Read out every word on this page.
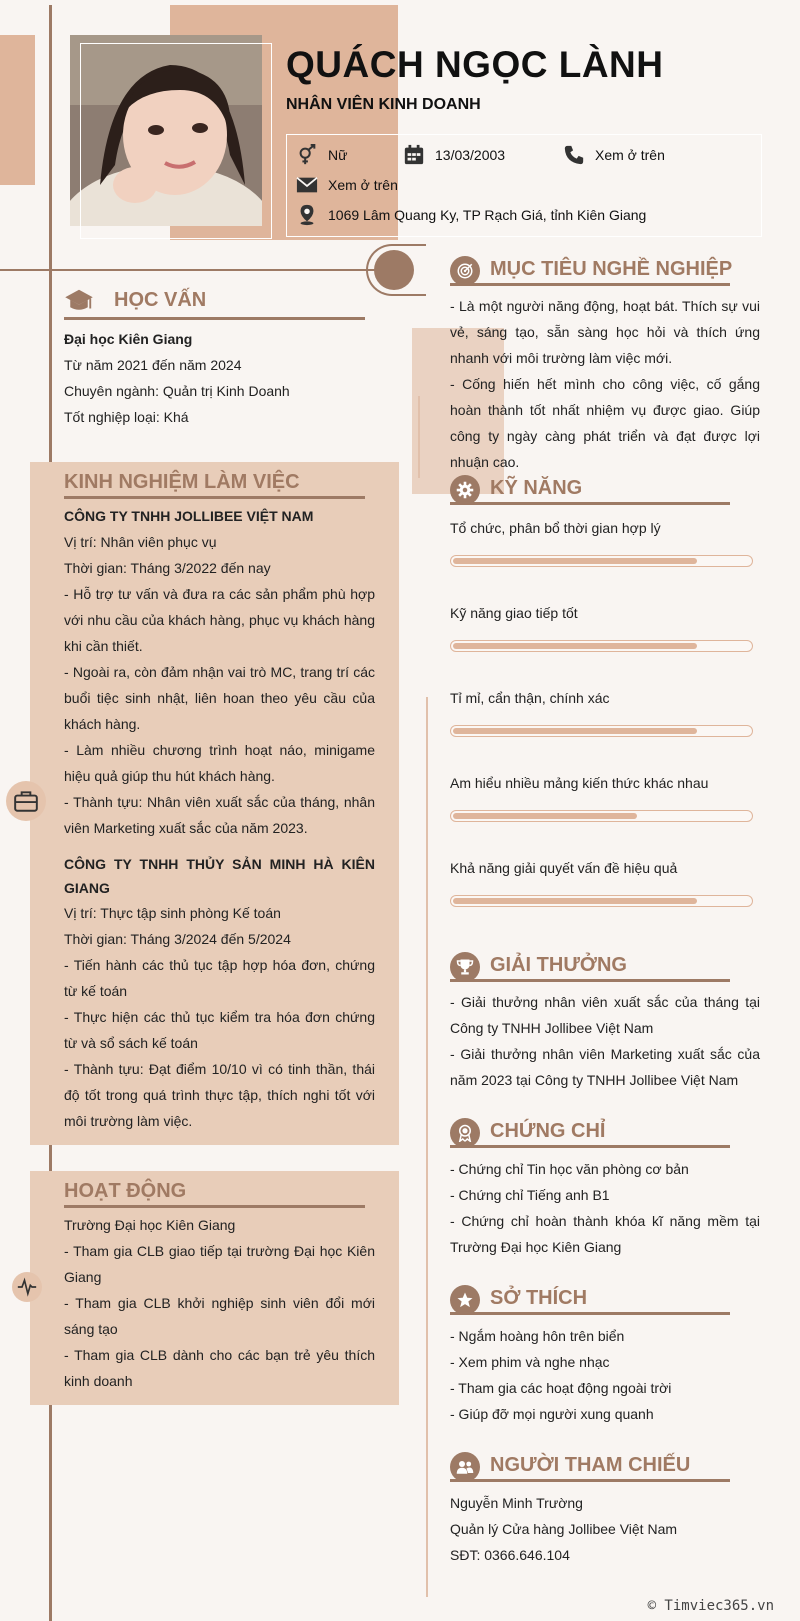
QUÁCH NGỌC LÀNH
NHÂN VIÊN KINH DOANH
Nữ	13/03/2003	Xem ở trên
Xem ở trên
1069 Lâm Quang Ky, TP Rạch Giá, tỉnh Kiên Giang
HỌC VẤN

Đại học Kiên Giang

Từ năm 2021 đến năm 2024

Chuyên ngành: Quản trị Kinh Doanh

Tốt nghiệp loại: Khá

KINH NGHIỆM LÀM VIỆC

CÔNG TY TNHH JOLLIBEE VIỆT NAM

Vị trí: Nhân viên phục vụ

Thời gian: Tháng 3/2022 đến nay

- Hỗ trợ tư vấn và đưa ra các sản phẩm phù hợp với nhu cầu của khách hàng, phục vụ khách hàng khi cần thiết.

- Ngoài ra, còn đảm nhận vai trò MC, trang trí các buổi tiệc sinh nhật, liên hoan theo yêu cầu của khách hàng.

- Làm nhiều chương trình hoạt náo, minigame hiệu quả giúp thu hút khách hàng.

- Thành tựu: Nhân viên xuất sắc của tháng, nhân viên Marketing xuất sắc của năm 2023.

CÔNG TY TNHH THỦY SẢN MINH HÀ KIÊN GIANG

Vị trí: Thực tập sinh phòng Kế toán

Thời gian: Tháng 3/2024 đến 5/2024

- Tiến hành các thủ tục tập hợp hóa đơn, chứng từ kế toán

- Thực hiện các thủ tục kiểm tra hóa đơn chứng từ và sổ sách kế toán

- Thành tựu: Đạt điểm 10/10 vì có tinh thần, thái độ tốt trong quá trình thực tập, thích nghi tốt với môi trường làm việc.

HOẠT ĐỘNG

Trường Đại học Kiên Giang

- Tham gia CLB giao tiếp tại trường Đại học Kiên Giang

- Tham gia CLB khởi nghiệp sinh viên đổi mới sáng tạo

- Tham gia CLB dành cho các bạn trẻ yêu thích kinh doanh

MỤC TIÊU NGHỀ NGHIỆP

- Là một người năng động, hoạt bát. Thích sự vui vẻ, sáng tạo, sẵn sàng học hỏi và thích ứng nhanh với môi trường làm việc mới.

- Cống hiến hết mình cho công việc, cố gắng hoàn thành tốt nhất nhiệm vụ được giao. Giúp công ty ngày càng phát triển và đạt được lợi nhuận cao.

KỸ NĂNG
Tổ chức, phân bổ thời gian hợp lý
Kỹ năng giao tiếp tốt
Tỉ mỉ, cẩn thận, chính xác
Am hiểu nhiều mảng kiến thức khác nhau
Khả năng giải quyết vấn đề hiệu quả
GIẢI THƯỞNG

- Giải thưởng nhân viên xuất sắc của tháng tại Công ty TNHH Jollibee Việt Nam

- Giải thưởng nhân viên Marketing xuất sắc của năm 2023 tại Công ty TNHH Jollibee Việt Nam

CHỨNG CHỈ

- Chứng chỉ Tin học văn phòng cơ bản

- Chứng chỉ Tiếng anh B1

- Chứng chỉ hoàn thành khóa kĩ năng mềm tại Trường Đại học Kiên Giang

SỞ THÍCH

- Ngắm hoàng hôn trên biển

- Xem phim và nghe nhạc

- Tham gia các hoạt động ngoài trời

- Giúp đỡ mọi người xung quanh

NGƯỜI THAM CHIẾU

Nguyễn Minh Trường

Quản lý Cửa hàng Jollibee Việt Nam

SĐT: 0366.646.104

© Timviec365.vn
